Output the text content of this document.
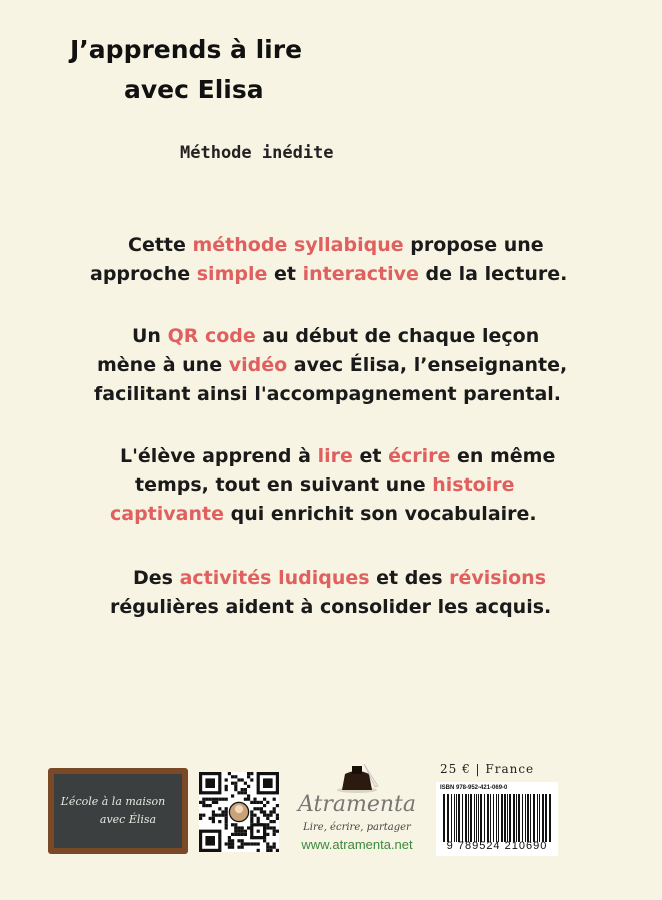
J’apprends à lire
avec Elisa
Méthode inédite
Cette méthode syllabique propose une
approche simple et interactive de la lecture.
Un QR code au début de chaque leçon
mène à une vidéo avec Élisa, l’enseignante,
facilitant ainsi l'accompagnement parental.
L'élève apprend à lire et écrire en même
temps, tout en suivant une histoire
captivante qui enrichit son vocabulaire.
Des activités ludiques et des révisions
régulières aident à consolider les acquis.
L’école à la maison
avec Élisa
Atramenta
Lire, écrire, partager
www.atramenta.net
25 € | France
ISBN 978-952-421-069-0
9 789524 210690
